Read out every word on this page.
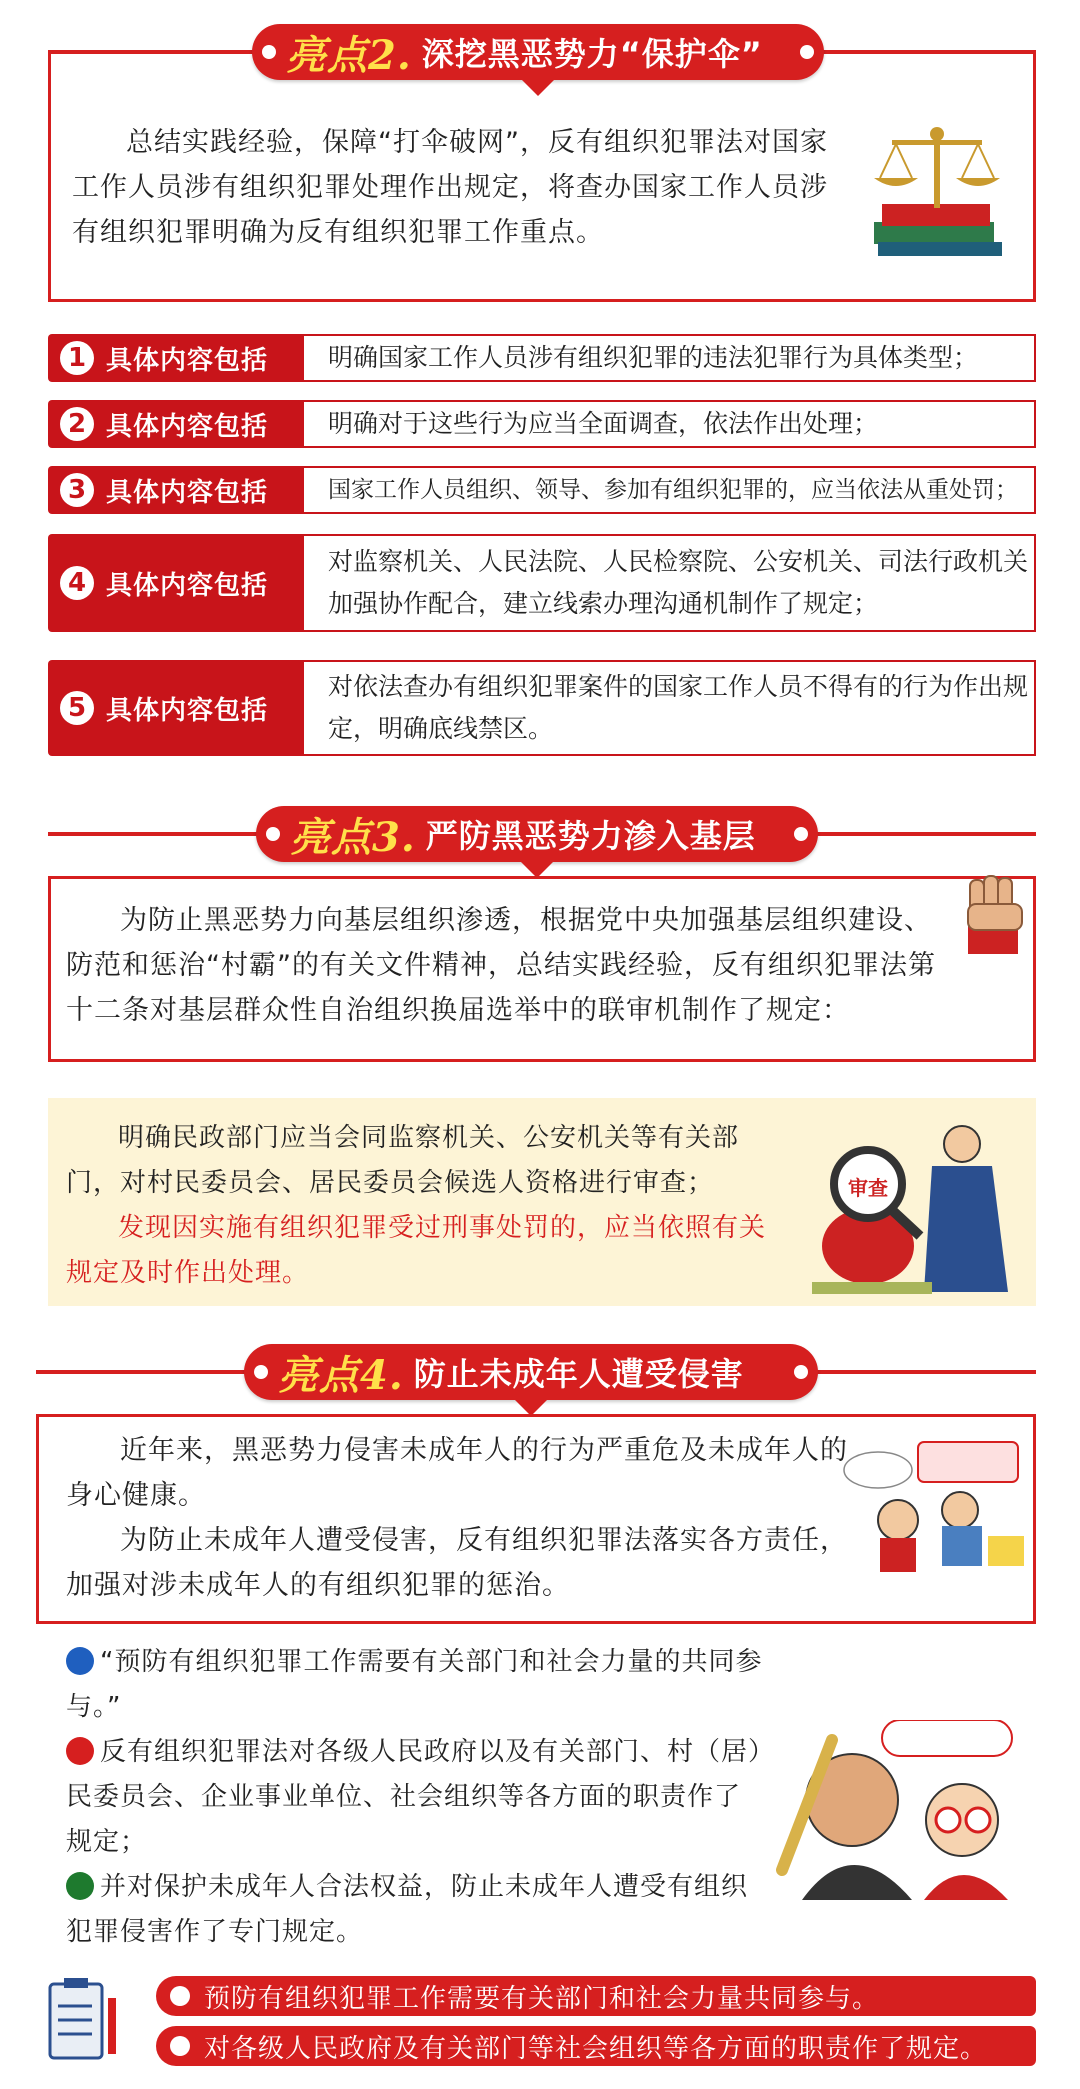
亮点2. 深挖黑恶势力“保护伞”

总结实践经验，保障“打伞破网”，反有组织犯罪法对国家工作人员涉有组织犯罪处理作出规定，将查办国家工作人员涉有组织犯罪明确为反有组织犯罪工作重点。

1 具体内容包括	明确国家工作人员涉有组织犯罪的违法犯罪行为具体类型；
2 具体内容包括	明确对于这些行为应当全面调查，依法作出处理；
3 具体内容包括	国家工作人员组织、领导、参加有组织犯罪的，应当依法从重处罚；
4 具体内容包括
对监察机关、人民法院、人民检察院、公安机关、司法行政机关加强协作配合，建立线索办理沟通机制作了规定；
5 具体内容包括
对依法查办有组织犯罪案件的国家工作人员不得有的行为作出规定，明确底线禁区。
亮点3. 严防黑恶势力渗入基层

为防止黑恶势力向基层组织渗透，根据党中央加强基层组织建设、防范和惩治“村霸”的有关文件精神，总结实践经验，反有组织犯罪法第十二条对基层群众性自治组织换届选举中的联审机制作了规定：

明确民政部门应当会同监察机关、公安机关等有关部门，对村民委员会、居民委员会候选人资格进行审查；

发现因实施有组织犯罪受过刑事处罚的，应当依照有关规定及时作出处理。

审查
亮点4. 防止未成年人遭受侵害

近年来，黑恶势力侵害未成年人的行为严重危及未成年人的身心健康。

为防止未成年人遭受侵害，反有组织犯罪法落实各方责任，加强对涉未成年人的有组织犯罪的惩治。

“预防有组织犯罪工作需要有关部门和社会力量的共同参与。”

反有组织犯罪法对各级人民政府以及有关部门、村（居）民委员会、企业事业单位、社会组织等各方面的职责作了规定；

并对保护未成年人合法权益，防止未成年人遭受有组织犯罪侵害作了专门规定。

预防有组织犯罪工作需要有关部门和社会力量共同参与。
对各级人民政府及有关部门等社会组织等各方面的职责作了规定。
